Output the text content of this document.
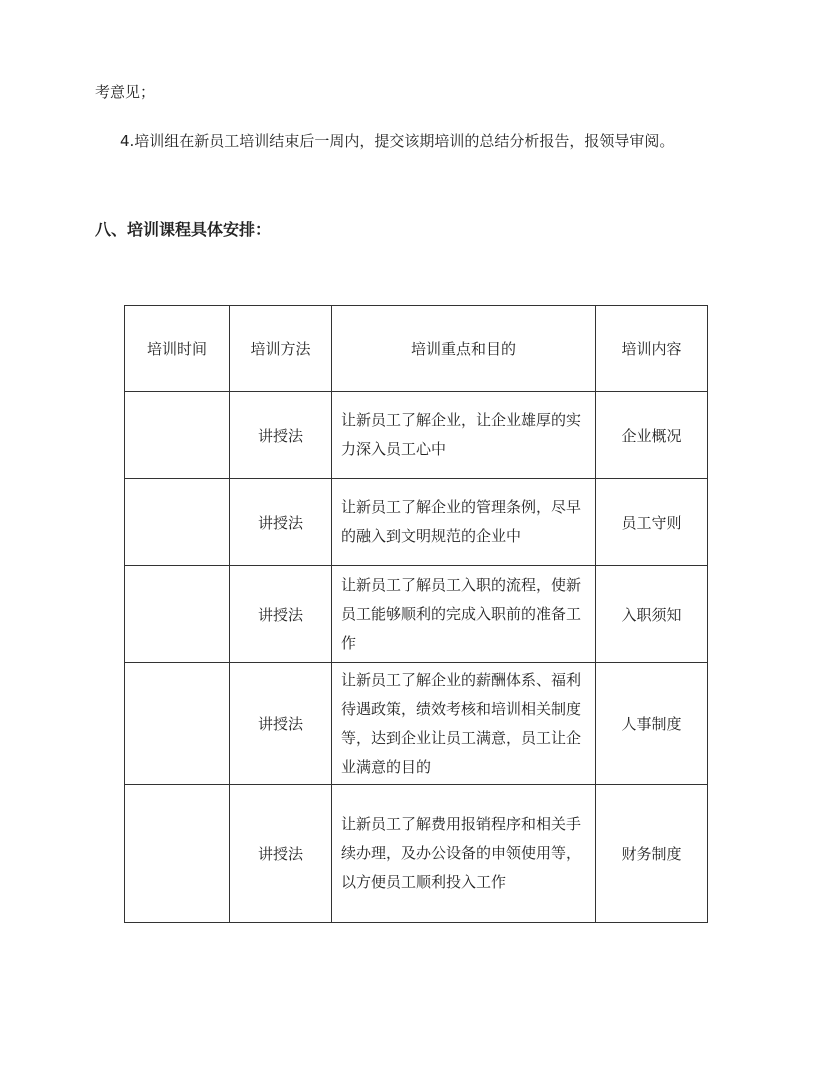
考意见；
4.培训组在新员工培训结束后一周内，提交该期培训的总结分析报告，报领导审阅。
八、培训课程具体安排：
培训时间	培训方法	培训重点和目的	培训内容
	讲授法	让新员工了解企业，让企业雄厚的实力深入员工心中	企业概况
	讲授法	让新员工了解企业的管理条例，尽早的融入到文明规范的企业中	员工守则
	讲授法	让新员工了解员工入职的流程，使新员工能够顺利的完成入职前的准备工作	入职须知
	讲授法	让新员工了解企业的薪酬体系、福利待遇政策，绩效考核和培训相关制度等，达到企业让员工满意，员工让企业满意的目的	人事制度
	讲授法	让新员工了解费用报销程序和相关手续办理，及办公设备的申领使用等，以方便员工顺利投入工作	财务制度
